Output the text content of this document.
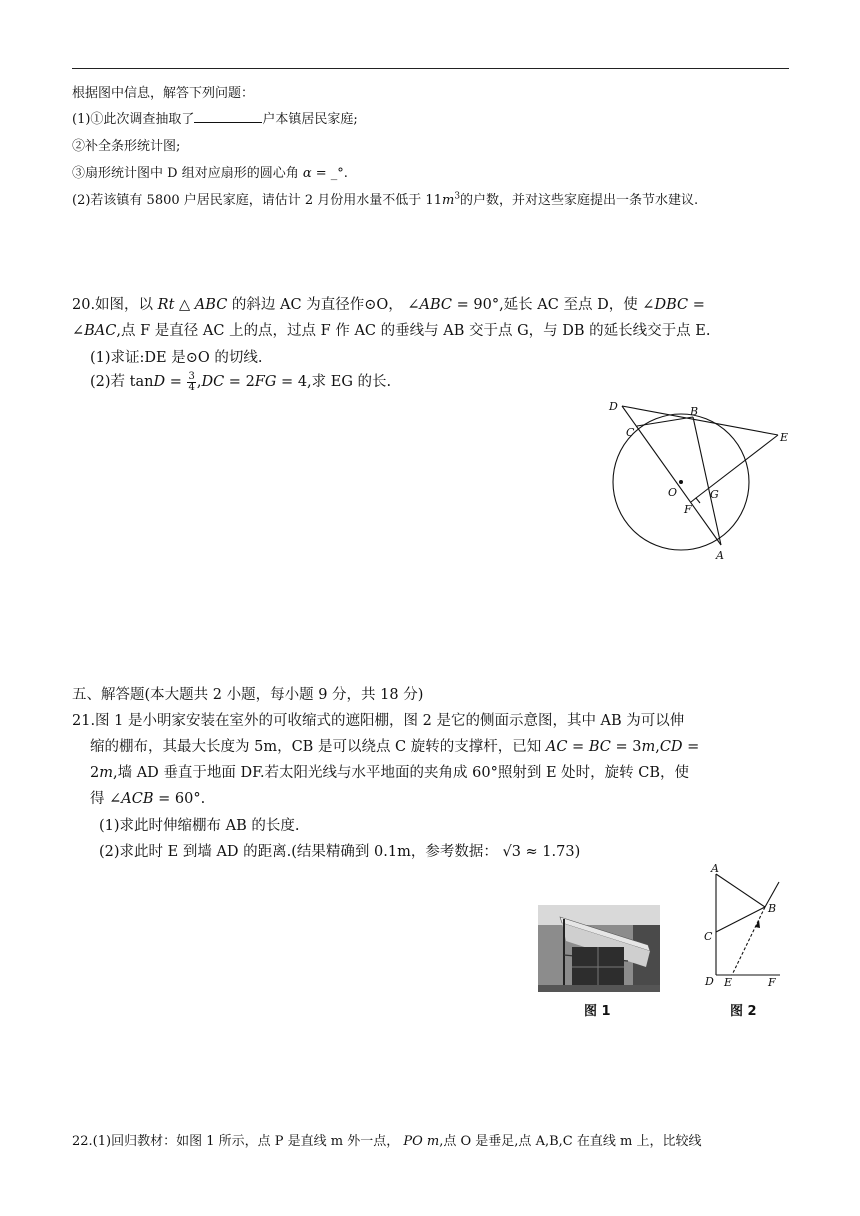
根据图中信息，解答下列问题：
(1)①此次调查抽取了	户本镇居民家庭;
②补全条形统计图;
③扇形统计图中 D 组对应扇形的圆心角 α = _°.
(2)若该镇有 5800 户居民家庭，请估计 2 月份用水量不低于 $11m^3$的户数，并对这些家庭提出一条节水建议.
20.如图，以 Rt △ ABC 的斜边 AC 为直径作⊙O， ∠ABC = 90°,延长 AC 至点 D，使 ∠DBC =
∠BAC,点 F 是直径 AC 上的点，过点 F 作 AC 的垂线与 AB 交于点 G，与 DB 的延长线交于点 E.
(1)求证:DE 是⊙O 的切线.
(2)若 $\tan D = \frac{3}{4} ,DC = 2FG = 4$,求 EG 的长.
D	B
E
C
O
F
G
A
五、解答题(本大题共 2 小题，每小题 9 分，共 18 分)
21.图 1 是小明家安装在室外的可收缩式的遮阳棚，图 2 是它的侧面示意图，其中 AB 为可以伸
缩的棚布，其最大长度为 5m，CB 是可以绕点 C 旋转的支撑杆，已知 AC = BC = 3m,CD =
2m,墙 AD 垂直于地面 DF.若太阳光线与水平地面的夹角成 60°照射到 E 处时，旋转 CB，使
得 ∠ACB = 60°.
(1)求此时伸缩棚布 AB 的长度.
(2)求此时 E 到墙 AD 的距离.(结果精确到 0.1m，参考数据： √3 ≈ 1.73)
图 1
A
B
C
D E	F
图 2
22.(1)回归教材：如图 1 所示，点 P 是直线 m 外一点， PO m,点 O 是垂足,点 A,B,C 在直线 m 上，比较线
